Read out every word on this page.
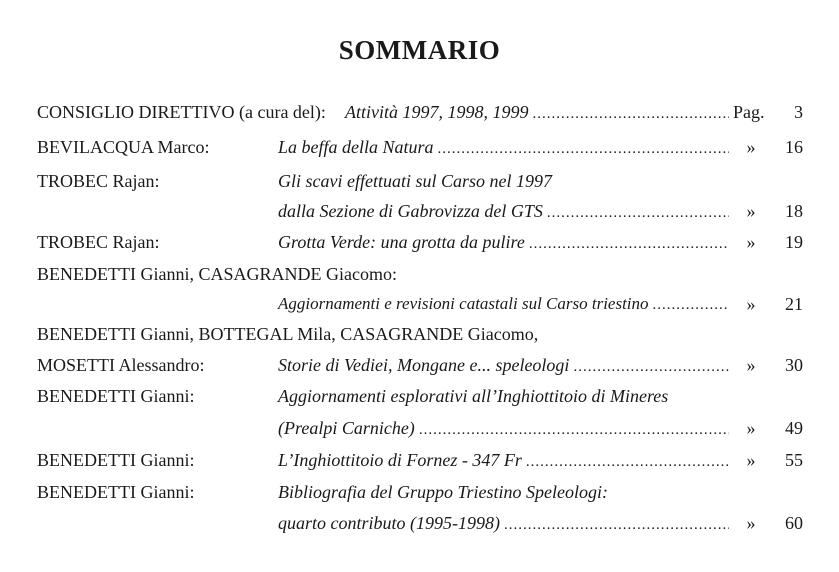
SOMMARIO
CONSIGLIO DIRETTIVO (a cura del): Attività 1997, 1998, 1999 .....	Pag. 3
BEVILACQUA Marco:	La beffa della Natura .....	» 16
TROBEC Rajan:	Gli scavi effettuati sul Carso nel 1997
dalla Sezione di Gabrovizza del GTS .....	» 18
TROBEC Rajan:	Grotta Verde: una grotta da pulire .....	» 19
BENEDETTI Gianni, CASAGRANDE Giacomo:
Aggiornamenti e revisioni catastali sul Carso triestino .....	» 21
BENEDETTI Gianni, BOTTEGAL Mila, CASAGRANDE Giacomo,
MOSETTI Alessandro:	Storie di Vediei, Mongane e... speleologi .....	» 30
BENEDETTI Gianni:	Aggiornamenti esplorativi all’Inghiottitoio di Mineres
(Prealpi Carniche) .....	» 49
BENEDETTI Gianni:	L’Inghiottitoio di Fornez - 347 Fr .....	» 55
BENEDETTI Gianni:	Bibliografia del Gruppo Triestino Speleologi:
quarto contributo (1995-1998) .....	» 60
